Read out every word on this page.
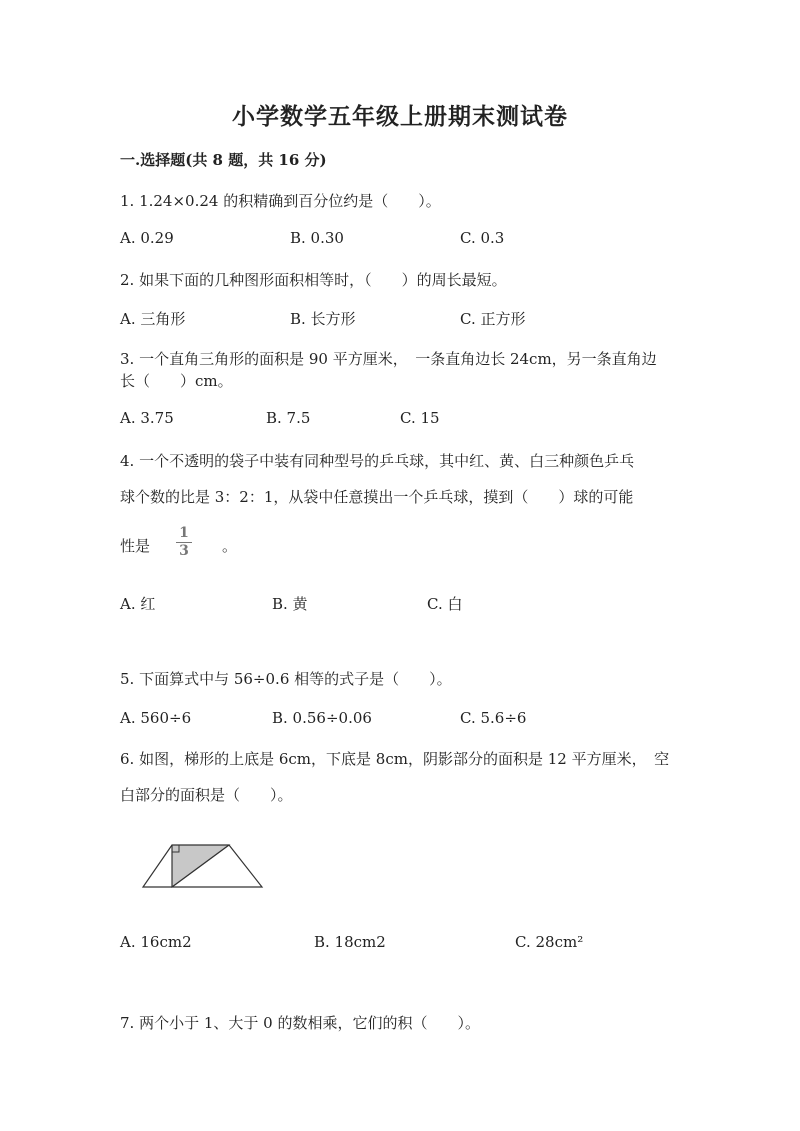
小学数学五年级上册期末测试卷
一.选择题(共 8 题，共 16 分)
1. 1.24×0.24 的积精确到百分位约是（　　）。
A. 0.29	B. 0.30	C. 0.3
2. 如果下面的几种图形面积相等时，（　　）的周长最短。
A. 三角形	B. 长方形	C. 正方形
3. 一个直角三角形的面积是 90 平方厘米，　一条直角边长 24cm，另一条直角边
长（　　）cm。
A. 3.75	B. 7.5	C. 15
4. 一个不透明的袋子中装有同种型号的乒乓球，其中红、黄、白三种颜色乒乓
球个数的比是 3：2：1，从袋中任意摸出一个乒乓球，摸到（　　）球的可能
性是
1
3 。
A. 红	B. 黄	C. 白
5. 下面算式中与 56÷0.6 相等的式子是（　　）。
A. 560÷6	B. 0.56÷0.06	C. 5.6÷6
6. 如图，梯形的上底是 6cm，下底是 8cm，阴影部分的面积是 12 平方厘米，　空
白部分的面积是（　　）。
A. 16cm2	B. 18cm2	C. 28cm²
7. 两个小于 1、大于 0 的数相乘，它们的积（　　）。
